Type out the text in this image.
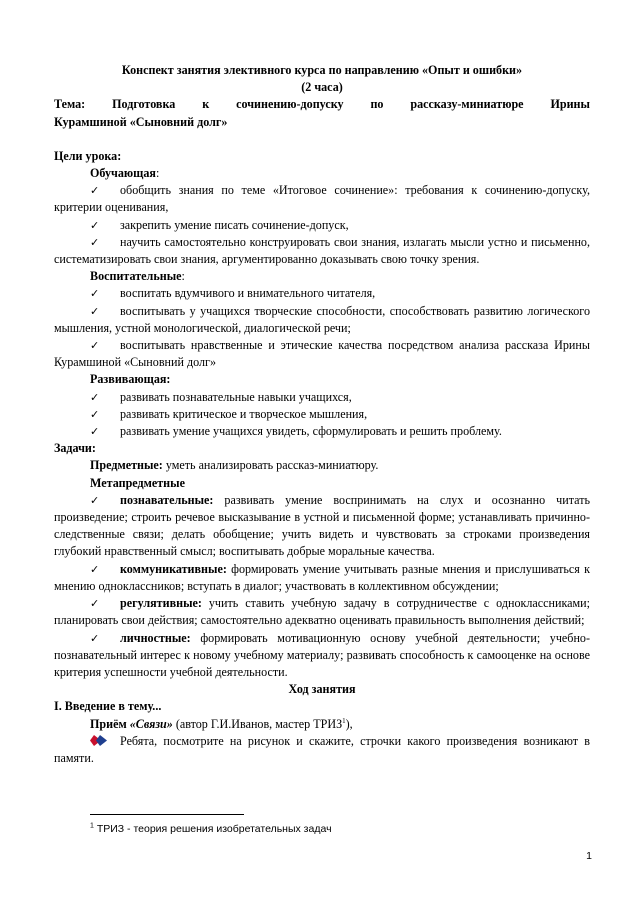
Конспект занятия элективного курса по направлению «Опыт и ошибки»

(2 часа)

Тема: Подготовка к сочинению-допуску по рассказу-миниатюре Ирины

Курамшиной «Сыновний долг»

Цели урока:

Обучающая:

✓ обобщить знания по теме «Итоговое сочинение»: требования к сочинению-допуску, критерии оценивания,

✓ закрепить умение писать сочинение-допуск,

✓ научить самостоятельно конструировать свои знания, излагать мысли устно и письменно, систематизировать свои знания, аргументированно доказывать свою точку зрения.

Воспитательные:

✓ воспитать вдумчивого и внимательного читателя,

✓ воспитывать у учащихся творческие способности, способствовать развитию логического мышления, устной монологической, диалогической речи;

✓ воспитывать нравственные и этические качества посредством анализа рассказа Ирины Курамшиной «Сыновний долг»

Развивающая:

✓ развивать познавательные навыки учащихся,

✓ развивать критическое и творческое мышления,

✓ развивать умение учащихся увидеть, сформулировать и решить проблему.

Задачи:

Предметные: уметь анализировать рассказ-миниатюру.

Метапредметные

✓ познавательные: развивать умение воспринимать на слух и осознанно читать произведение; строить речевое высказывание в устной и письменной форме; устанавливать причинно-следственные связи; делать обобщение; учить видеть и чувствовать за строками произведения глубокий нравственный смысл; воспитывать добрые моральные качества.

✓ коммуникативные: формировать умение учитывать разные мнения и прислушиваться к мнению одноклассников; вступать в диалог; участвовать в коллективном обсуждении;

✓ регулятивные: учить ставить учебную задачу в сотрудничестве с одноклассниками; планировать свои действия; самостоятельно адекватно оценивать правильность выполнения действий;

✓ личностные: формировать мотивационную основу учебной деятельности; учебно-познавательный интерес к новому учебному материалу; развивать способность к самооценке на основе критерия успешности учебной деятельности.

Ход занятия

I. Введение в тему...

Приём «Связи» (автор Г.И.Иванов, мастер ТРИЗ$^1$),

Ребята, посмотрите на рисунок и скажите, строчки какого произведения возникают в памяти.

$^1$ ТРИЗ - теория решения изобретательных задач

1
